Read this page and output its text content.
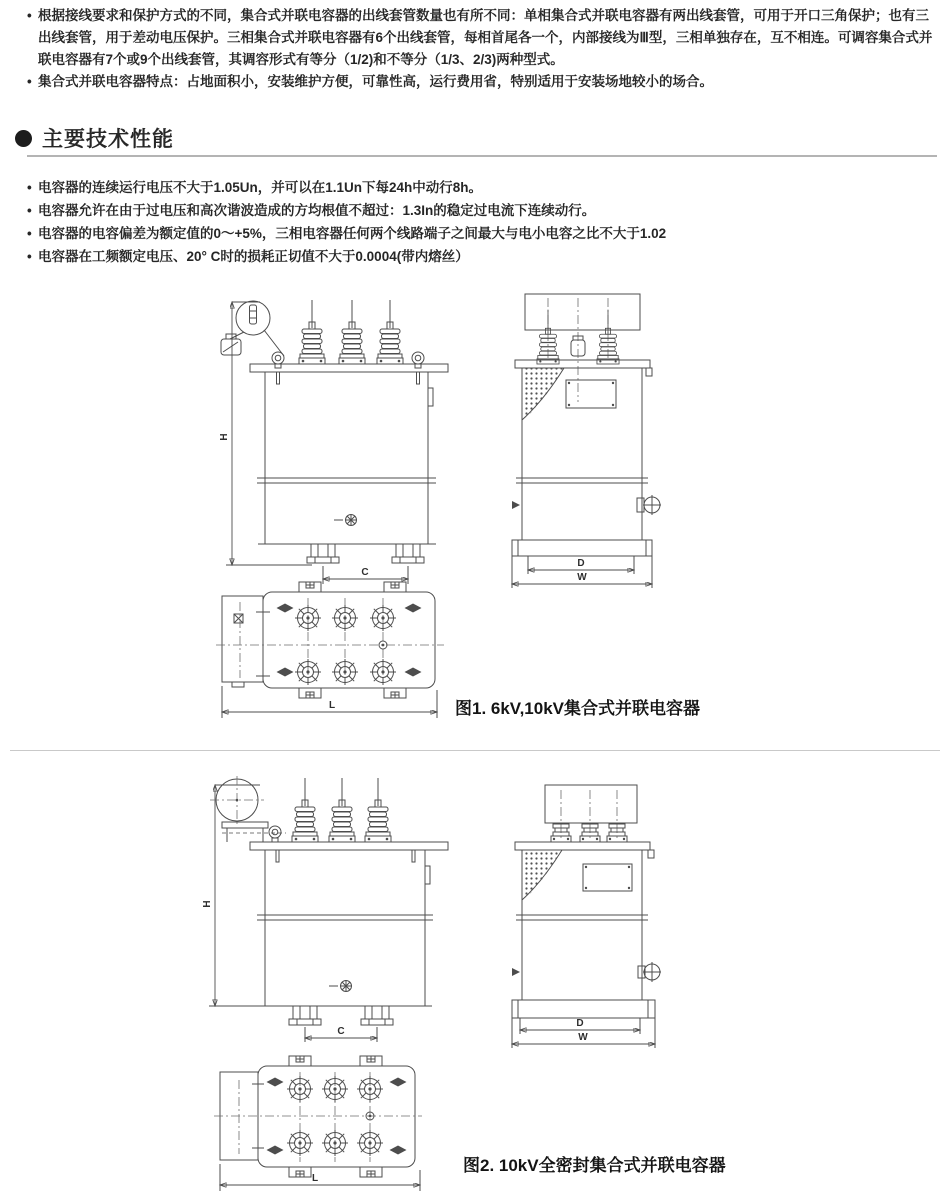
• 根据接线要求和保护方式的不同，集合式并联电容器的出线套管数量也有所不同：单相集合式并联电容器有两出线套管，可用于开口三角保护；也有三出线套管，用于差动电压保护。三相集合式并联电容器有6个出线套管，每相首尾各一个，内部接线为Ⅲ型，三相单独存在，互不相连。可调容集合式并联电容器有7个或9个出线套管，其调容形式有等分（1/2)和不等分（1/3、2/3)两种型式。
• 集合式并联电容器特点：占地面积小，安装维护方便，可靠性高，运行费用省，特别适用于安装场地较小的场合。
主要技术性能
• 电容器的连续运行电压不大于1.05Un，并可以在1.1Un下每24h中动行8h。
• 电容器允许在由于过电压和高次谐波造成的方均根值不超过：1.3In的稳定过电流下连续动行。
• 电容器的电容偏差为额定值的0～+5%，三相电容器任何两个线路端子之间最大与电小电容之比不大于1.02
• 电容器在工频额定电压、20° C时的损耗正切值不大于0.0004(带内熔丝）
H
C
D
W
L	图1. 6kV,10kV集合式并联电容器
H
C
D
W
L
图2. 10kV全密封集合式并联电容器
